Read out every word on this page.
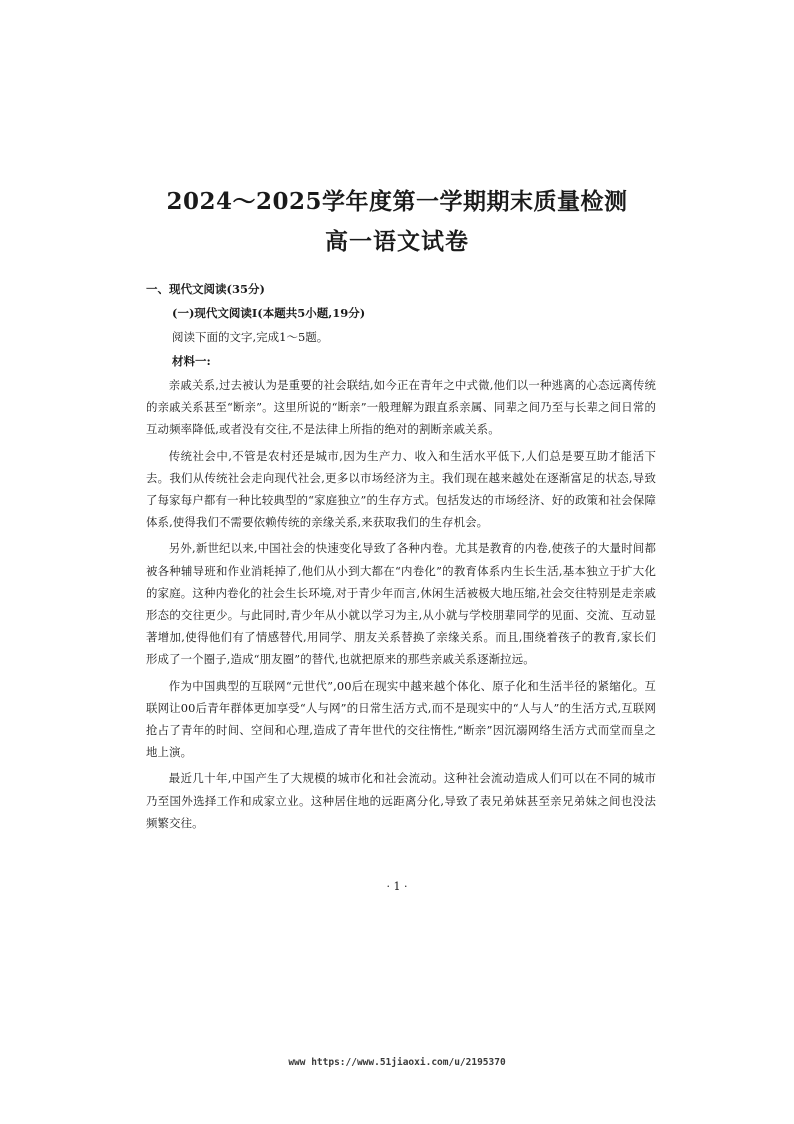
2024～2025学年度第一学期期末质量检测
高一语文试卷
一、现代文阅读(35分)
(一)现代文阅读Ⅰ(本题共5小题,19分)
阅读下面的文字,完成1～5题。
材料一:

亲戚关系,过去被认为是重要的社会联结,如今正在青年之中式微,他们以一种逃离的心态远离传统的亲戚关系甚至“断亲”。这里所说的“断亲”一般理解为跟直系亲属、同辈之间乃至与长辈之间日常的互动频率降低,或者没有交往,不是法律上所指的绝对的割断亲戚关系。

传统社会中,不管是农村还是城市,因为生产力、收入和生活水平低下,人们总是要互助才能活下去。我们从传统社会走向现代社会,更多以市场经济为主。我们现在越来越处在逐渐富足的状态,导致了每家每户都有一种比较典型的“家庭独立”的生存方式。包括发达的市场经济、好的政策和社会保障体系,使得我们不需要依赖传统的亲缘关系,来获取我们的生存机会。

另外,新世纪以来,中国社会的快速变化导致了各种内卷。尤其是教育的内卷,使孩子的大量时间都被各种辅导班和作业消耗掉了,他们从小到大都在“内卷化”的教育体系内生长生活,基本独立于扩大化的家庭。这种内卷化的社会生长环境,对于青少年而言,休闲生活被极大地压缩,社会交往特别是走亲戚形态的交往更少。与此同时,青少年从小就以学习为主,从小就与学校朋辈同学的见面、交流、互动显著增加,使得他们有了情感替代,用同学、朋友关系替换了亲缘关系。而且,围绕着孩子的教育,家长们形成了一个圈子,造成“朋友圈”的替代,也就把原来的那些亲戚关系逐渐拉远。

作为中国典型的互联网“元世代”,00后在现实中越来越个体化、原子化和生活半径的紧缩化。互联网让00后青年群体更加享受“人与网”的日常生活方式,而不是现实中的“人与人”的生活方式,互联网抢占了青年的时间、空间和心理,造成了青年世代的交往惰性,“断亲”因沉溺网络生活方式而堂而皇之地上演。

最近几十年,中国产生了大规模的城市化和社会流动。这种社会流动造成人们可以在不同的城市乃至国外选择工作和成家立业。这种居住地的远距离分化,导致了表兄弟妹甚至亲兄弟妹之间也没法频繁交往。

· 1 ·
www https://www.51jiaoxi.com/u/2195370
